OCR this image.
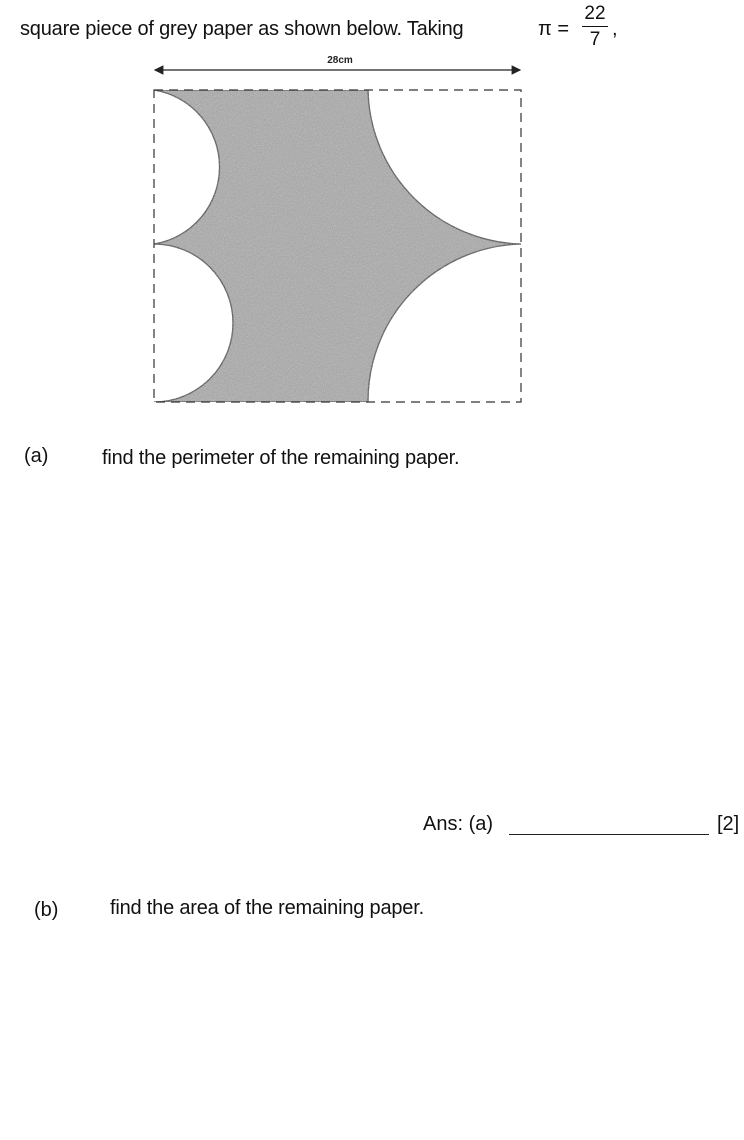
square piece of grey paper as shown below. Taking	π =
22
7 ,
28cm
(a)	find the perimeter of the remaining paper.
Ans: (a)	[2]
(b)	find the area of the remaining paper.
